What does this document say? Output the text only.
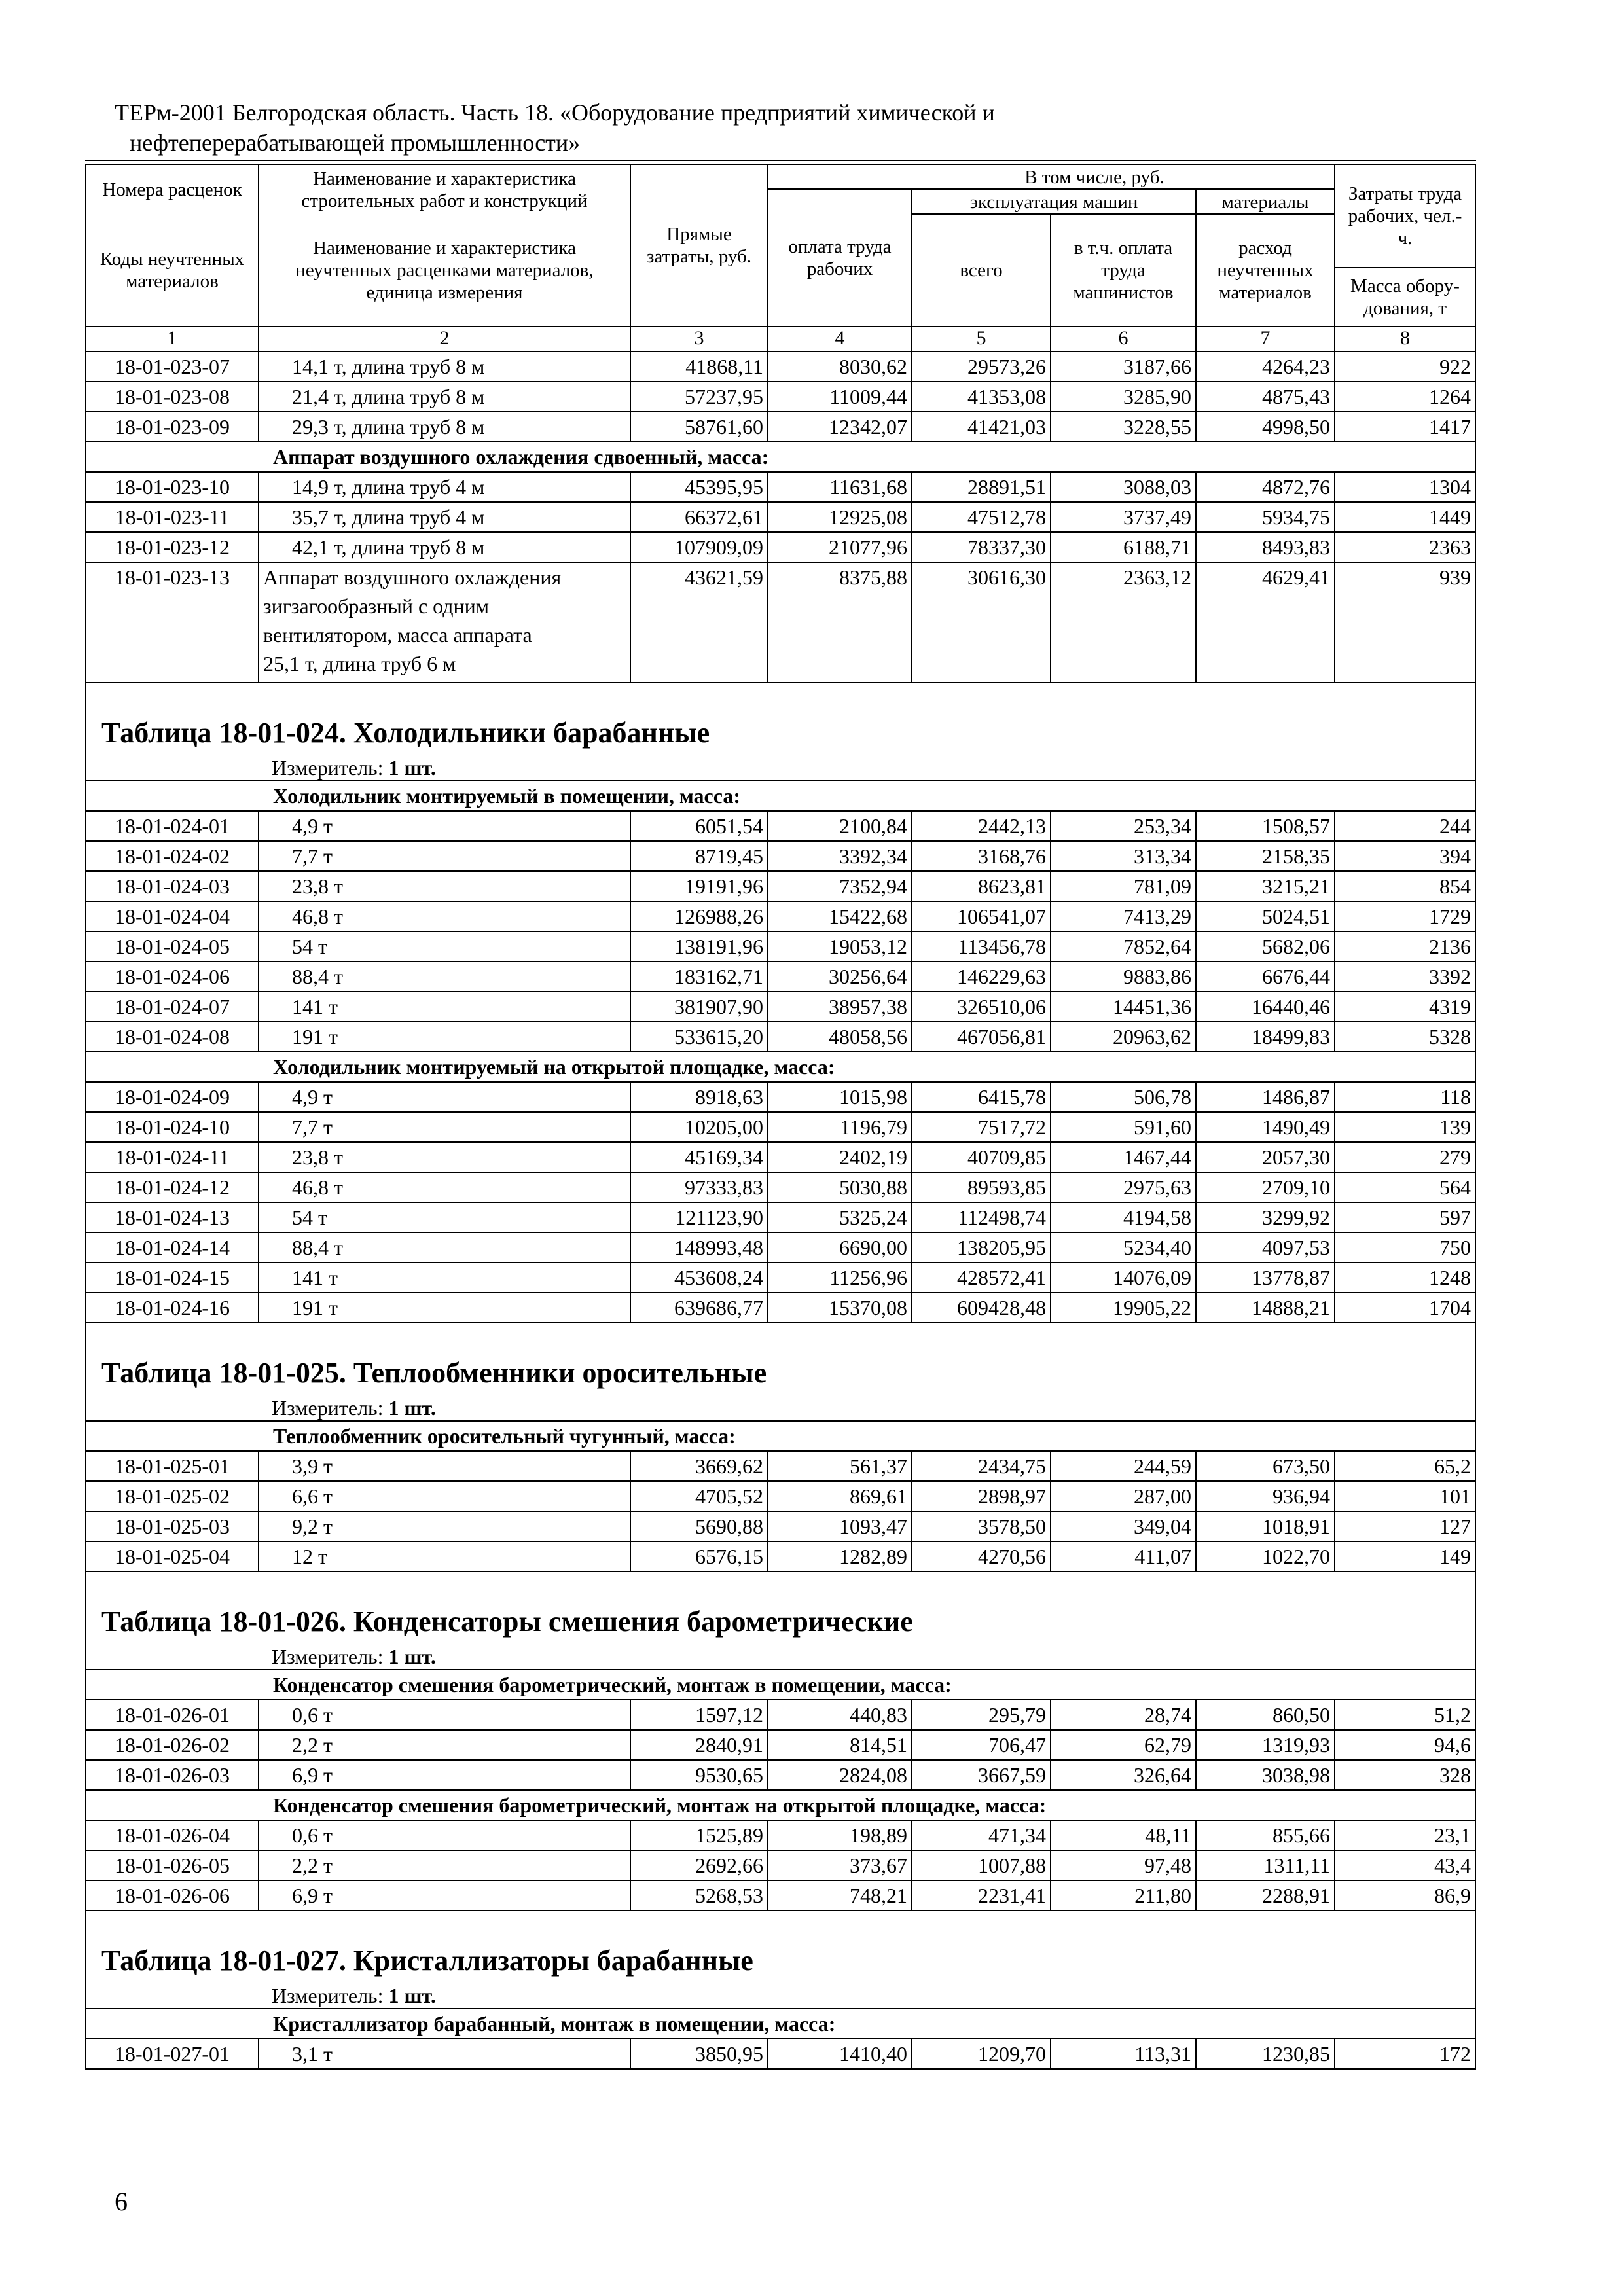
ТЕРм-2001 Белгородская область. Часть 18. «Оборудование предприятий химической и
нефтеперерабатывающей промышленности»
Номера расценок
Коды неучтенных материалов
Наименование и характеристика строительных работ и конструкций
Наименование и характеристика неучтенных расценками материалов, единица измерения
Прямые затраты, руб.
В том числе, руб.
оплата труда рабочих
эксплуатация машин
всего
в т.ч. оплата труда машинистов
материалы
расход неучтенных материалов
Затраты труда рабочих, чел.-ч.
Масса обору-дования, т
1	2	3	4	5	6	7	8
18-01-023-07	14,1 т, длина труб 8 м	41868,11	8030,62	29573,26	3187,66	4264,23	922
18-01-023-08	21,4 т, длина труб 8 м	57237,95	11009,44	41353,08	3285,90	4875,43	1264
18-01-023-09	29,3 т, длина труб 8 м	58761,60	12342,07	41421,03	3228,55	4998,50	1417
Аппарат воздушного охлаждения сдвоенный, масса:
18-01-023-10	14,9 т, длина труб 4 м	45395,95	11631,68	28891,51	3088,03	4872,76	1304
18-01-023-11	35,7 т, длина труб 4 м	66372,61	12925,08	47512,78	3737,49	5934,75	1449
18-01-023-12	42,1 т, длина труб 8 м	107909,09	21077,96	78337,30	6188,71	8493,83	2363
18-01-023-13	Аппарат воздушного охлаждения
зигзагообразный с одним
вентилятором, масса аппарата
25,1 т, длина труб 6 м
43621,59	8375,88	30616,30	2363,12	4629,41	939
Таблица 18-01-024. Холодильники барабанные
Измеритель: 1 шт.
Холодильник монтируемый в помещении, масса:
18-01-024-01	4,9 т	6051,54	2100,84	2442,13	253,34	1508,57	244
18-01-024-02	7,7 т	8719,45	3392,34	3168,76	313,34	2158,35	394
18-01-024-03	23,8 т	19191,96	7352,94	8623,81	781,09	3215,21	854
18-01-024-04	46,8 т	126988,26	15422,68	106541,07	7413,29	5024,51	1729
18-01-024-05	54 т	138191,96	19053,12	113456,78	7852,64	5682,06	2136
18-01-024-06	88,4 т	183162,71	30256,64	146229,63	9883,86	6676,44	3392
18-01-024-07	141 т	381907,90	38957,38	326510,06	14451,36	16440,46	4319
18-01-024-08	191 т	533615,20	48058,56	467056,81	20963,62	18499,83	5328
Холодильник монтируемый на открытой площадке, масса:
18-01-024-09	4,9 т	8918,63	1015,98	6415,78	506,78	1486,87	118
18-01-024-10	7,7 т	10205,00	1196,79	7517,72	591,60	1490,49	139
18-01-024-11	23,8 т	45169,34	2402,19	40709,85	1467,44	2057,30	279
18-01-024-12	46,8 т	97333,83	5030,88	89593,85	2975,63	2709,10	564
18-01-024-13	54 т	121123,90	5325,24	112498,74	4194,58	3299,92	597
18-01-024-14	88,4 т	148993,48	6690,00	138205,95	5234,40	4097,53	750
18-01-024-15	141 т	453608,24	11256,96	428572,41	14076,09	13778,87	1248
18-01-024-16	191 т	639686,77	15370,08	609428,48	19905,22	14888,21	1704
Таблица 18-01-025. Теплообменники оросительные
Измеритель: 1 шт.
Теплообменник оросительный чугунный, масса:
18-01-025-01	3,9 т	3669,62	561,37	2434,75	244,59	673,50	65,2
18-01-025-02	6,6 т	4705,52	869,61	2898,97	287,00	936,94	101
18-01-025-03	9,2 т	5690,88	1093,47	3578,50	349,04	1018,91	127
18-01-025-04	12 т	6576,15	1282,89	4270,56	411,07	1022,70	149
Таблица 18-01-026. Конденсаторы смешения барометрические
Измеритель: 1 шт.
Конденсатор смешения барометрический, монтаж в помещении, масса:
18-01-026-01	0,6 т	1597,12	440,83	295,79	28,74	860,50	51,2
18-01-026-02	2,2 т	2840,91	814,51	706,47	62,79	1319,93	94,6
18-01-026-03	6,9 т	9530,65	2824,08	3667,59	326,64	3038,98	328
Конденсатор смешения барометрический, монтаж на открытой площадке, масса:
18-01-026-04	0,6 т	1525,89	198,89	471,34	48,11	855,66	23,1
18-01-026-05	2,2 т	2692,66	373,67	1007,88	97,48	1311,11	43,4
18-01-026-06	6,9 т	5268,53	748,21	2231,41	211,80	2288,91	86,9
Таблица 18-01-027. Кристаллизаторы барабанные
Измеритель: 1 шт.
Кристаллизатор барабанный, монтаж в помещении, масса:
18-01-027-01	3,1 т	3850,95	1410,40	1209,70	113,31	1230,85	172
6
